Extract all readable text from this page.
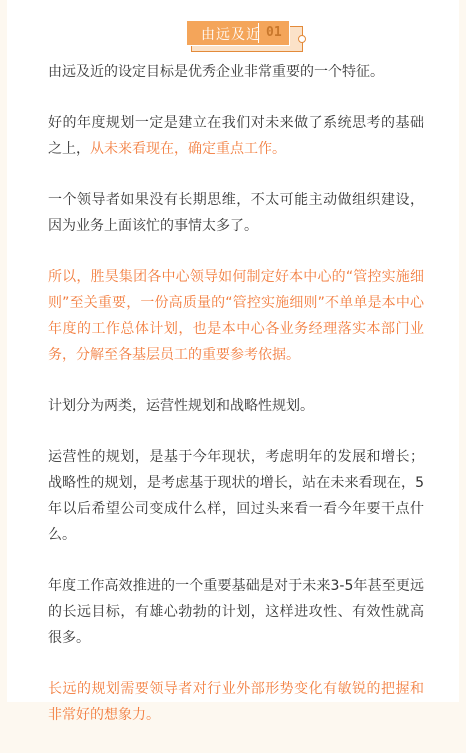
由远及近 01

由远及近的设定目标是优秀企业非常重要的一个特征。

好的年度规划一定是建立在我们对未来做了系统思考的基础之上，从未来看现在，确定重点工作。

一个领导者如果没有长期思维，不太可能主动做组织建设，因为业务上面该忙的事情太多了。

所以，胜昊集团各中心领导如何制定好本中心的“管控实施细则”至关重要，一份高质量的“管控实施细则”不单单是本中心年度的工作总体计划，也是本中心各业务经理落实本部门业务，分解至各基层员工的重要参考依据。

计划分为两类，运营性规划和战略性规划。

运营性的规划，是基于今年现状，考虑明年的发展和增长；战略性的规划，是考虑基于现状的增长，站在未来看现在，5年以后希望公司变成什么样，回过头来看一看今年要干点什么。

年度工作高效推进的一个重要基础是对于未来3-5年甚至更远的长远目标，有雄心勃勃的计划，这样进攻性、有效性就高很多。

长远的规划需要领导者对行业外部形势变化有敏锐的把握和非常好的想象力。
